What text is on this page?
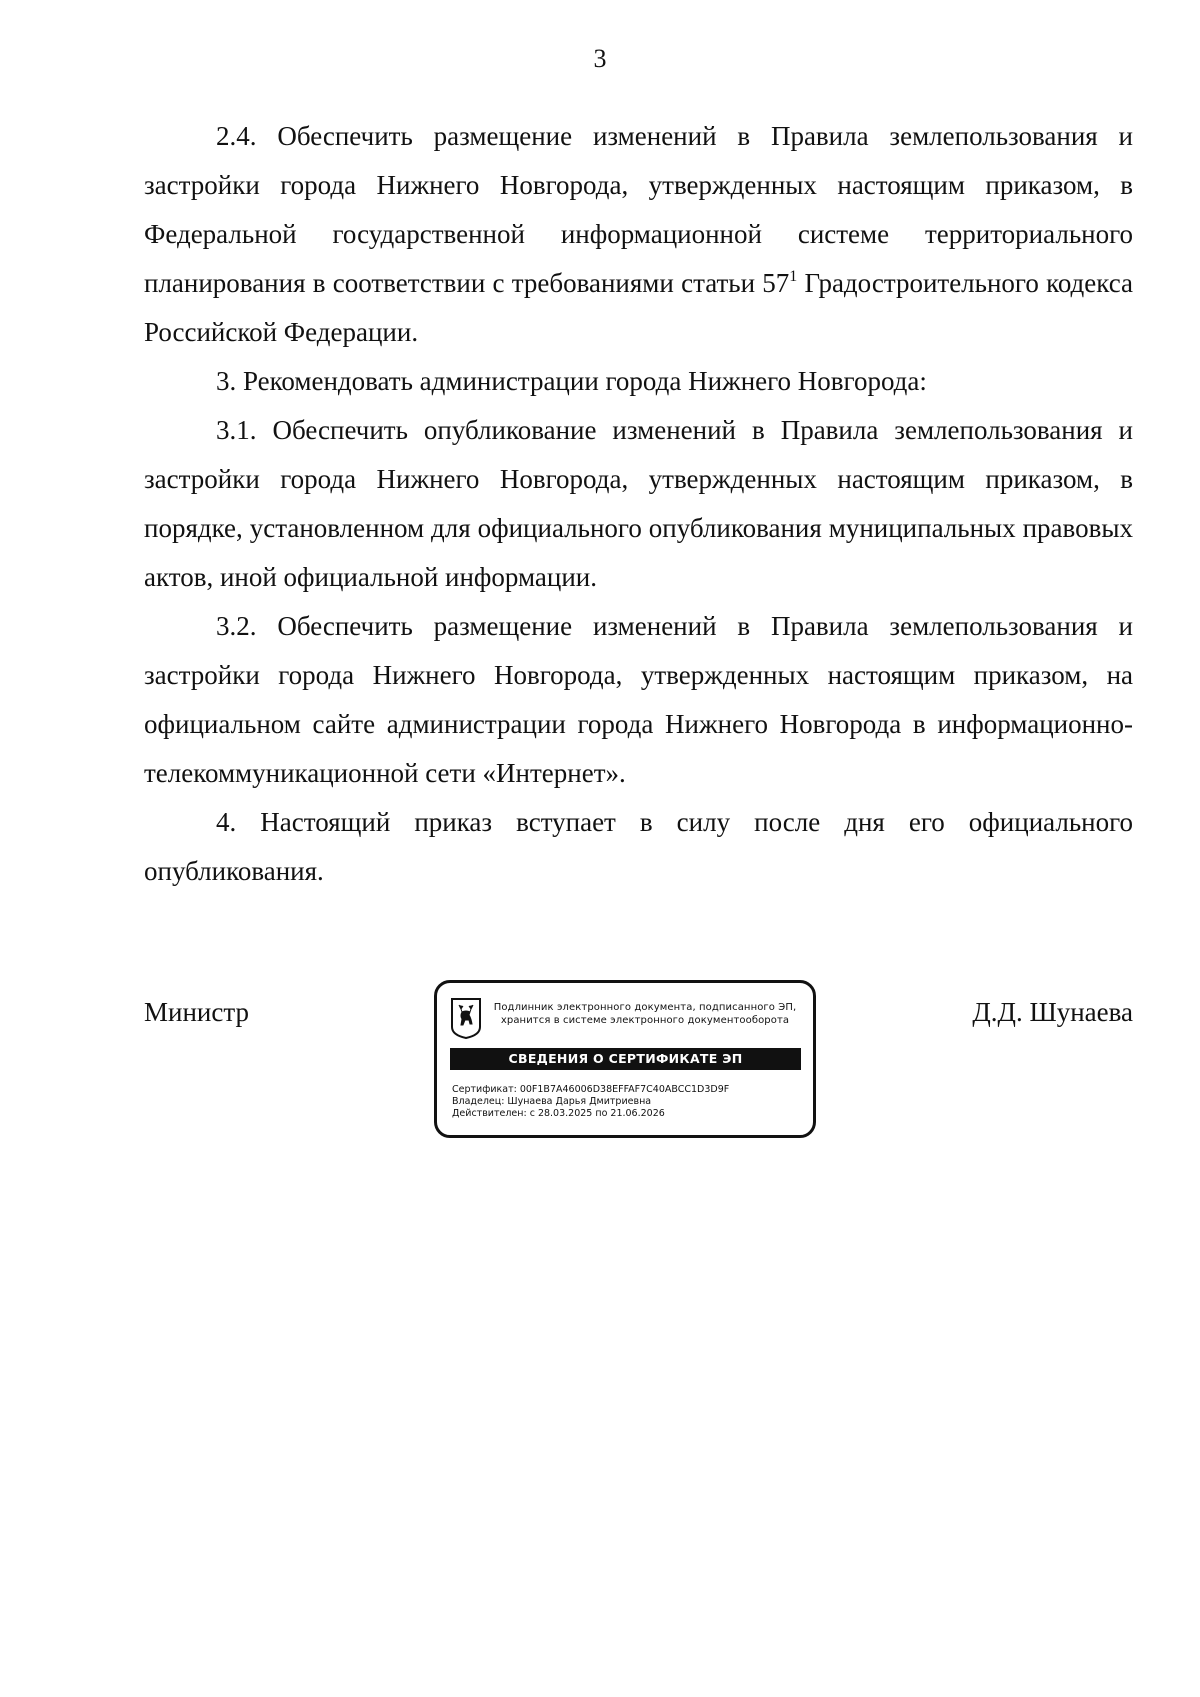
3

2.4. Обеспечить размещение изменений в Правила землепользования и застройки города Нижнего Новгорода, утвержденных настоящим приказом, в Федеральной государственной информационной системе территориального планирования в соответствии с требованиями статьи $57^1$ Градостроительного кодекса Российской Федерации.

3. Рекомендовать администрации города Нижнего Новгорода:

3.1. Обеспечить опубликование изменений в Правила землепользования и застройки города Нижнего Новгорода, утвержденных настоящим приказом, в порядке, установленном для официального опубликования муниципальных правовых актов, иной официальной информации.

3.2. Обеспечить размещение изменений в Правила землепользования и застройки города Нижнего Новгорода, утвержденных настоящим приказом, на официальном сайте администрации города Нижнего Новгорода в информационно-телекоммуникационной сети «Интернет».

4. Настоящий приказ вступает в силу после дня его официального опубликования.

Министр	Подлинник электронного документа, подписанного ЭП,
хранится в системе электронного документооборота
СВЕДЕНИЯ О СЕРТИФИКАТЕ ЭП
Сертификат: 00F1B7A46006D38EFFAF7C40ABCC1D3D9F
Владелец: Шунаева Дарья Дмитриевна
Действителен: с 28.03.2025 по 21.06.2026
Д.Д. Шунаева
